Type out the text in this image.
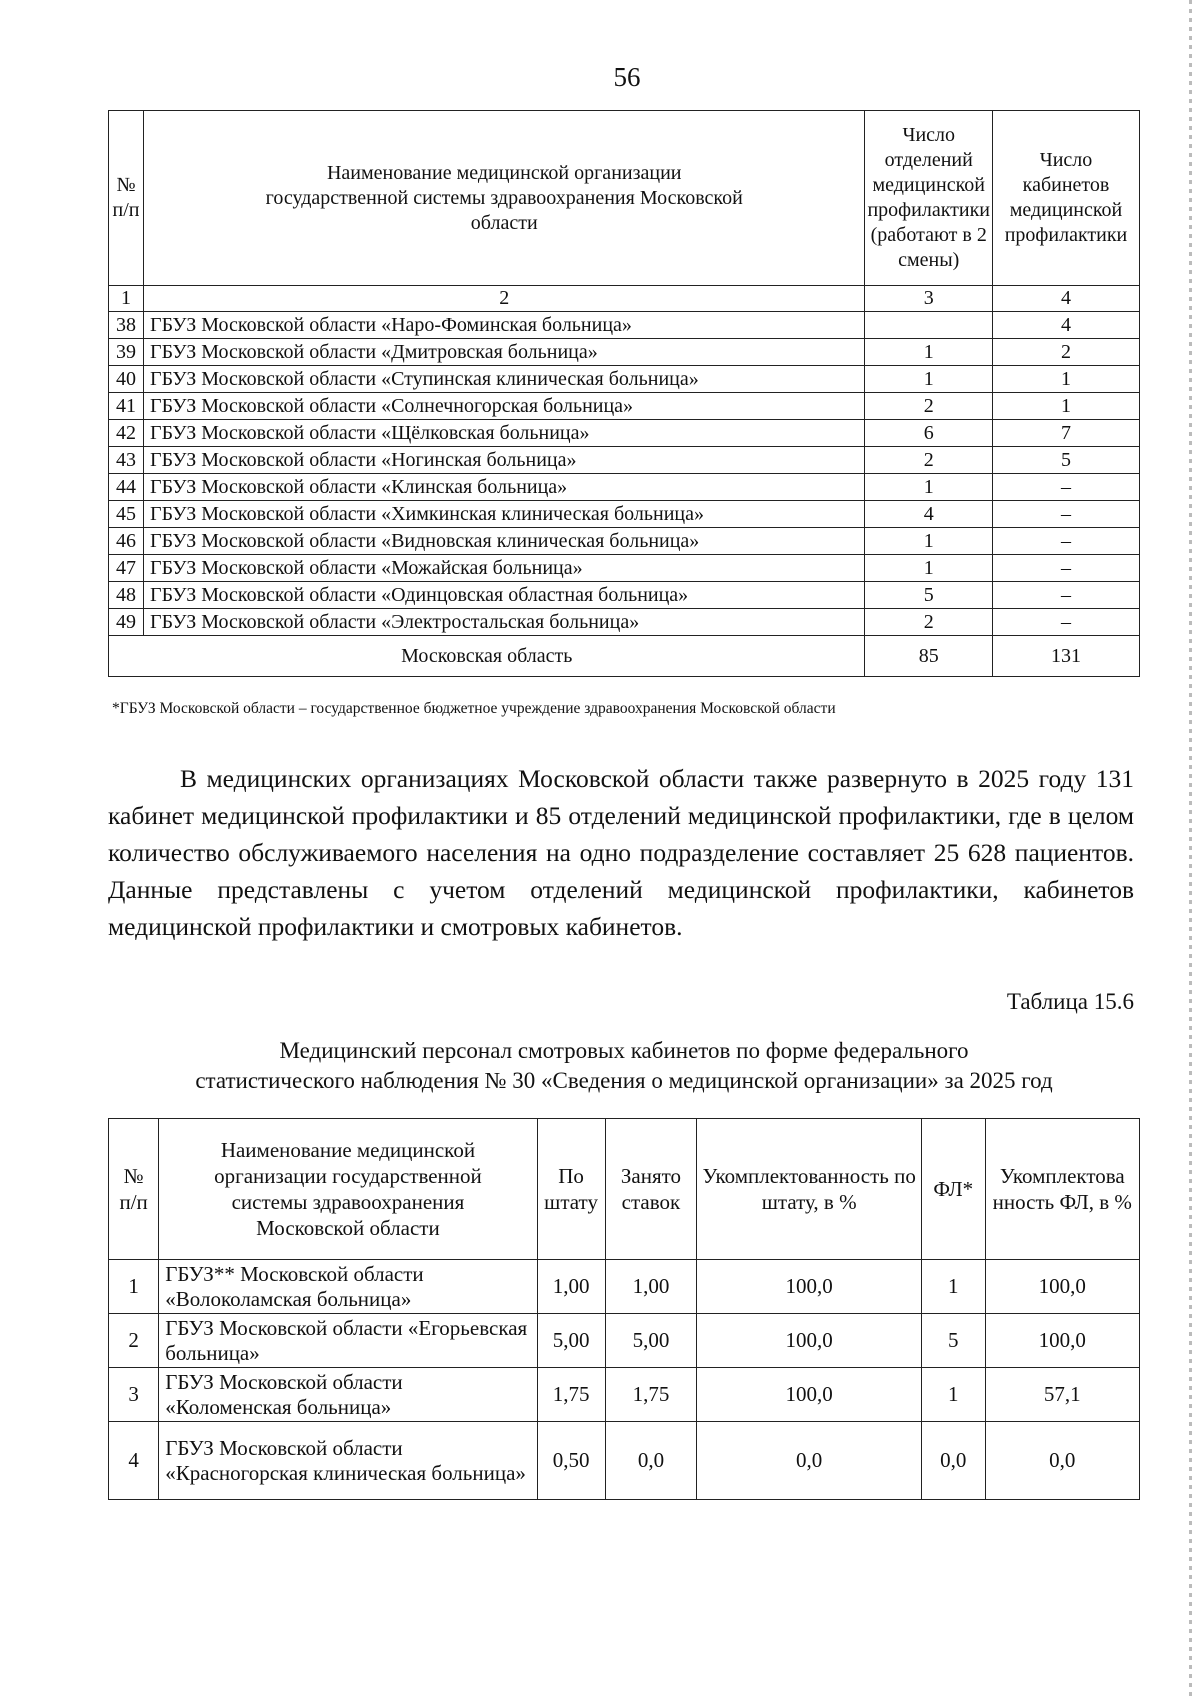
56
№ п/п	Наименование медицинской организации государственной системы здравоохранения Московской области	Число отделений медицинской профилактики (работают в 2 смены)	Число кабинетов медицинской профилактики
1	2	3	4
38	ГБУЗ Московской области «Наро-Фоминская больница»		4
39	ГБУЗ Московской области «Дмитровская больница»	1	2
40	ГБУЗ Московской области «Ступинская клиническая больница»	1	1
41	ГБУЗ Московской области «Солнечногорская больница»	2	1
42	ГБУЗ Московской области «Щёлковская больница»	6	7
43	ГБУЗ Московской области «Ногинская больница»	2	5
44	ГБУЗ Московской области «Клинская больница»	1	–
45	ГБУЗ Московской области «Химкинская клиническая больница»	4	–
46	ГБУЗ Московской области «Видновская клиническая больница»	1	–
47	ГБУЗ Московской области «Можайская больница»	1	–
48	ГБУЗ Московской области «Одинцовская областная больница»	5	–
49	ГБУЗ Московской области «Электростальская больница»	2	–
Московская область		85	131
*ГБУЗ Московской области – государственное бюджетное учреждение здравоохранения Московской области

В медицинских организациях Московской области также развернуто в 2025 году 131 кабинет медицинской профилактики и 85 отделений медицинской профилактики, где в целом количество обслуживаемого населения на одно подразделение составляет 25 628 пациентов. Данные представлены с учетом отделений медицинской профилактики, кабинетов медицинской профилактики и смотровых кабинетов.

Таблица 15.6
Медицинский персонал смотровых кабинетов по форме федерального
статистического наблюдения № 30 «Сведения о медицинской организации» за 2025 год
№ п/п	Наименование медицинской организации государственной системы здравоохранения Московской области	По штату	Занято ставок	Укомплектованность по штату, в %	ФЛ*	Укомплектова нность ФЛ, в %
1	ГБУЗ** Московской области «Волоколамская больница»	1,00	1,00	100,0	1	100,0
2	ГБУЗ Московской области «Егорьевская больница»	5,00	5,00	100,0	5	100,0
3	ГБУЗ Московской области «Коломенская больница»	1,75	1,75	100,0	1	57,1
4	ГБУЗ Московской области «Красногорская клиническая больница»	0,50	0,0	0,0	0,0	0,0
